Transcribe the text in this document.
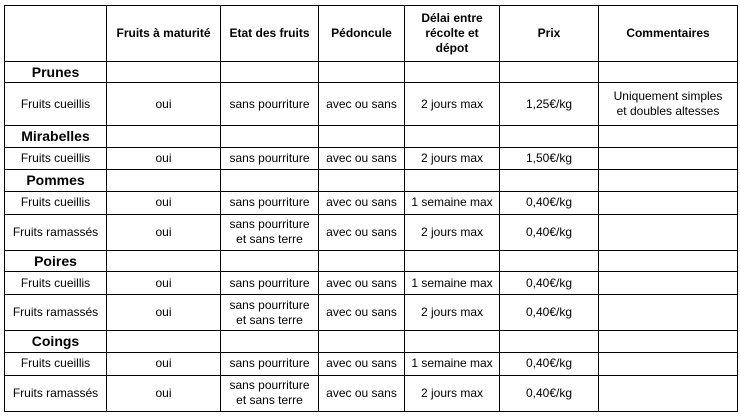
	Fruits à maturité	Etat des fruits	Pédoncule	Délai entre
récolte et
dépot	Prix	Commentaires
Prunes						
Fruits cueillis	oui	sans pourriture	avec ou sans	2 jours max	1,25€/kg	Uniquement simples
et doubles altesses

Mirabelles						
Fruits cueillis	oui	sans pourriture	avec ou sans	2 jours max	1,50€/kg	
Pommes						
Fruits cueillis	oui	sans pourriture	avec ou sans	1 semaine max	0,40€/kg	
Fruits ramassés	oui	sans pourriture
et sans terre	avec ou sans	2 jours max	0,40€/kg	
Poires						
Fruits cueillis	oui	sans pourriture	avec ou sans	1 semaine max	0,40€/kg	
Fruits ramassés	oui	sans pourriture
et sans terre	avec ou sans	2 jours max	0,40€/kg	
Coings						
Fruits cueillis	oui	sans pourriture	avec ou sans	1 semaine max	0,40€/kg	
Fruits ramassés	oui	sans pourriture
et sans terre	avec ou sans	2 jours max	0,40€/kg	
